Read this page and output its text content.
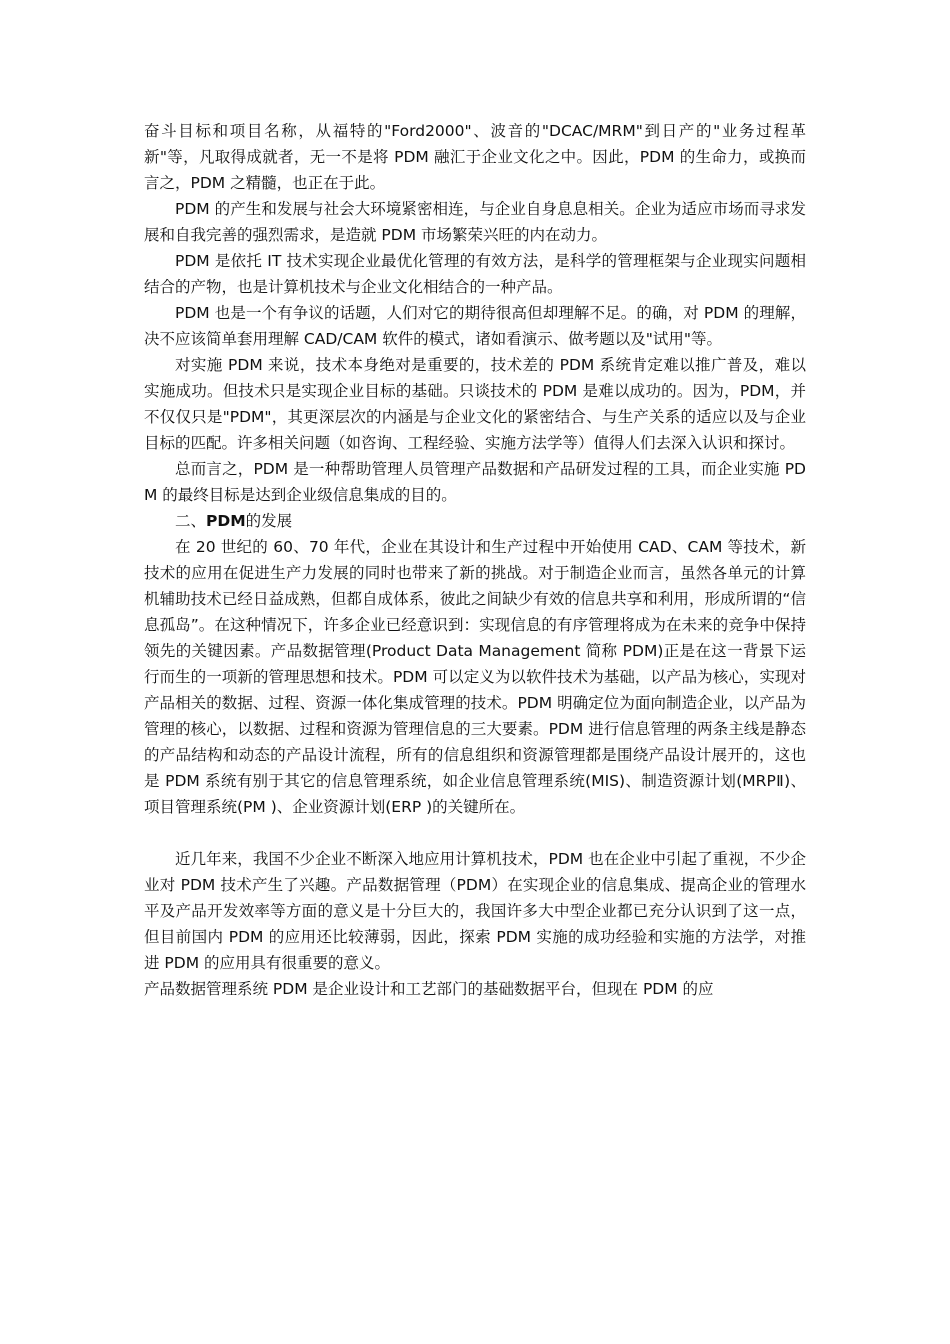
奋斗目标和项目名称，从福特的"Ford2000"、波音的"DCAC/MRM"到日产的"业务过程革新"等，凡取得成就者，无一不是将 PDM 融汇于企业文化之中。因此，PDM 的生命力，或换而言之，PDM 之精髓，也正在于此。

PDM 的产生和发展与社会大环境紧密相连，与企业自身息息相关。企业为适应市场而寻求发展和自我完善的强烈需求，是造就 PDM 市场繁荣兴旺的内在动力。

PDM 是依托 IT 技术实现企业最优化管理的有效方法，是科学的管理框架与企业现实问题相结合的产物，也是计算机技术与企业文化相结合的一种产品。

PDM 也是一个有争议的话题，人们对它的期待很高但却理解不足。的确，对 PDM 的理解，决不应该简单套用理解 CAD/CAM 软件的模式，诸如看演示、做考题以及"试用"等。

对实施 PDM 来说，技术本身绝对是重要的，技术差的 PDM 系统肯定难以推广普及，难以实施成功。但技术只是实现企业目标的基础。只谈技术的 PDM 是难以成功的。因为，PDM，并不仅仅只是"PDM"，其更深层次的内涵是与企业文化的紧密结合、与生产关系的适应以及与企业目标的匹配。许多相关问题（如咨询、工程经验、实施方法学等）值得人们去深入认识和探讨。

总而言之，PDM 是一种帮助管理人员管理产品数据和产品研发过程的工具，而企业实施 PDM 的最终目标是达到企业级信息集成的目的。

二、PDM的发展

在 20 世纪的 60、70 年代，企业在其设计和生产过程中开始使用 CAD、CAM 等技术，新技术的应用在促进生产力发展的同时也带来了新的挑战。对于制造企业而言，虽然各单元的计算机辅助技术已经日益成熟，但都自成体系，彼此之间缺少有效的信息共享和利用，形成所谓的“信息孤岛”。在这种情况下，许多企业已经意识到：实现信息的有序管理将成为在未来的竞争中保持领先的关键因素。产品数据管理(Product Data Management 简称 PDM)正是在这一背景下运行而生的一项新的管理思想和技术。PDM 可以定义为以软件技术为基础，以产品为核心，实现对产品相关的数据、过程、资源一体化集成管理的技术。PDM 明确定位为面向制造企业，以产品为管理的核心，以数据、过程和资源为管理信息的三大要素。PDM 进行信息管理的两条主线是静态的产品结构和动态的产品设计流程，所有的信息组织和资源管理都是围绕产品设计展开的，这也是 PDM 系统有别于其它的信息管理系统，如企业信息管理系统(MIS)、制造资源计划(MRPⅡ)、项目管理系统(PM )、企业资源计划(ERP )的关键所在。

近几年来，我国不少企业不断深入地应用计算机技术，PDM 也在企业中引起了重视，不少企业对 PDM 技术产生了兴趣。产品数据管理（PDM）在实现企业的信息集成、提高企业的管理水平及产品开发效率等方面的意义是十分巨大的，我国许多大中型企业都已充分认识到了这一点，但目前国内 PDM 的应用还比较薄弱，因此，探索 PDM 实施的成功经验和实施的方法学，对推进 PDM 的应用具有很重要的意义。

产品数据管理系统 PDM 是企业设计和工艺部门的基础数据平台，但现在 PDM 的应
